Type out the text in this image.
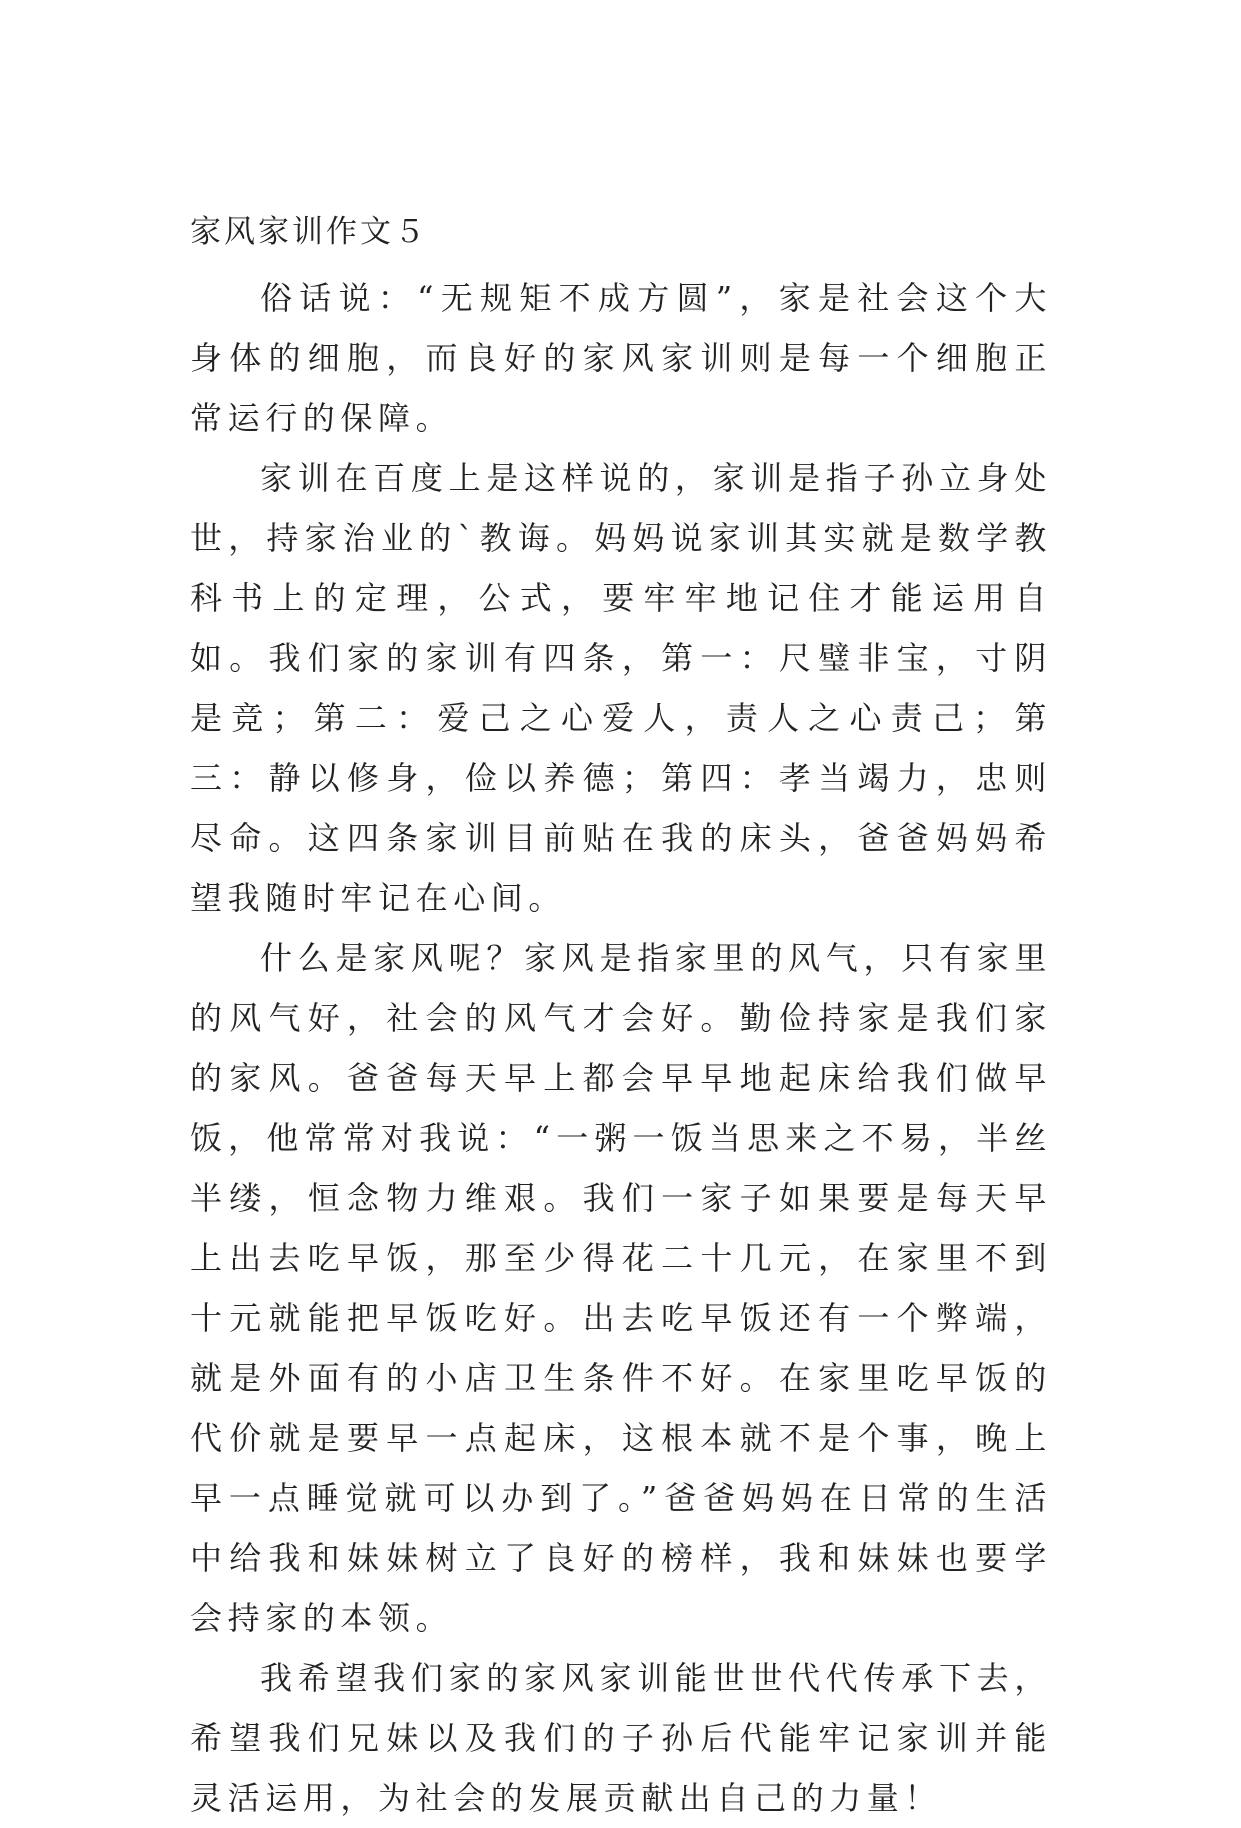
家风家训作文５

俗话说：“无规矩不成方圆”，家是社会这个大身体的细胞，而良好的家风家训则是每一个细胞正常运行的保障。

家训在百度上是这样说的，家训是指子孙立身处世，持家治业的`教诲。妈妈说家训其实就是数学教科书上的定理，公式，要牢牢地记住才能运用自如。我们家的家训有四条，第一：尺璧非宝，寸阴是竞；第二：爱己之心爱人，责人之心责己；第三：静以修身，俭以养德；第四：孝当竭力，忠则尽命。这四条家训目前贴在我的床头，爸爸妈妈希望我随时牢记在心间。

什么是家风呢？家风是指家里的风气，只有家里的风气好，社会的风气才会好。勤俭持家是我们家的家风。爸爸每天早上都会早早地起床给我们做早饭，他常常对我说：“一粥一饭当思来之不易，半丝半缕，恒念物力维艰。我们一家子如果要是每天早上出去吃早饭，那至少得花二十几元，在家里不到十元就能把早饭吃好。出去吃早饭还有一个弊端，就是外面有的小店卫生条件不好。在家里吃早饭的代价就是要早一点起床，这根本就不是个事，晚上早一点睡觉就可以办到了。”爸爸妈妈在日常的生活中给我和妹妹树立了良好的榜样，我和妹妹也要学会持家的本领。

我希望我们家的家风家训能世世代代传承下去，希望我们兄妹以及我们的子孙后代能牢记家训并能灵活运用，为社会的发展贡献出自己的力量！
